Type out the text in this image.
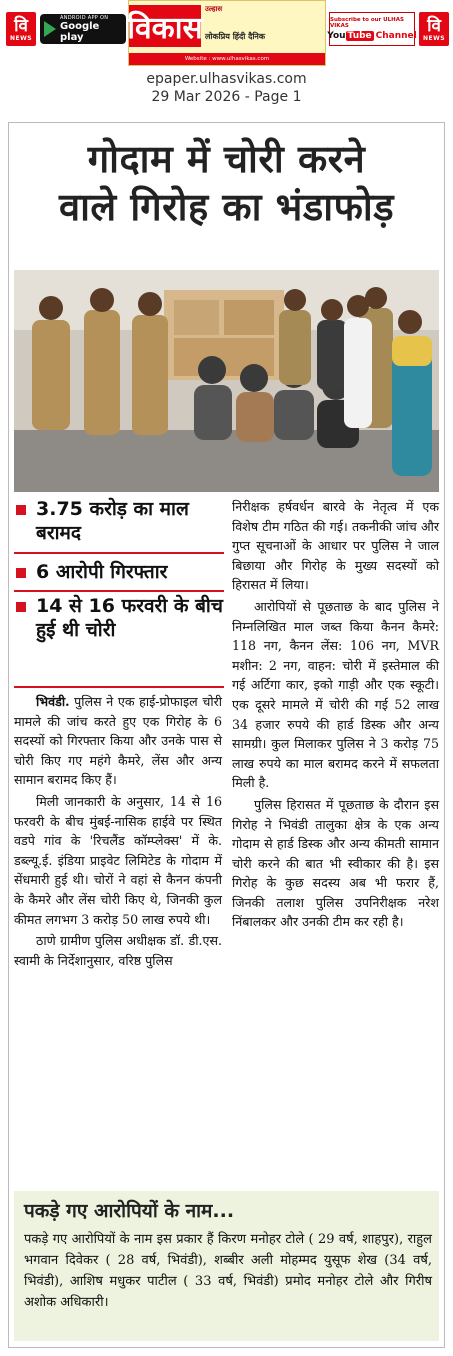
वि
NEWS
ANDROID APP ON
Google play	विकास
उल्हास
लोकप्रिय हिंदी दैनिक
Website : www.ulhasvikas.com
Subscribe to our ULHAS VIKAS
You Tube Channel
वि
NEWS
epaper.ulhasvikas.com
29 Mar 2026 - Page 1
गोदाम में चोरी करने
वाले गिरोह का भंडाफोड़
3.75 करोड़ का माल बरामद
6 आरोपी गिरफ्तार
14 से 16 फरवरी के बीच हुई थी चोरी

भिवंडी. पुलिस ने एक हाई-प्रोफाइल चोरी मामले की जांच करते हुए एक गिरोह के 6 सदस्यों को गिरफ्तार किया और उनके पास से चोरी किए गए महंगे कैमरे, लेंस और अन्य सामान बरामद किए हैं।

मिली जानकारी के अनुसार, 14 से 16 फरवरी के बीच मुंबई-नासिक हाईवे पर स्थित वडपे गांव के 'रिचलैंड कॉम्प्लेक्स' में के. डब्ल्यू.ई. इंडिया प्राइवेट लिमिटेड के गोदाम में सेंधमारी हुई थी। चोरों ने वहां से कैनन कंपनी के कैमरे और लेंस चोरी किए थे, जिनकी कुल कीमत लगभग 3 करोड़ 50 लाख रुपये थी।

ठाणे ग्रामीण पुलिस अधीक्षक डॉ. डी.एस. स्वामी के निर्देशानुसार, वरिष्ठ पुलिस

निरीक्षक हर्षवर्धन बारवे के नेतृत्व में एक विशेष टीम गठित की गई। तकनीकी जांच और गुप्त सूचनाओं के आधार पर पुलिस ने जाल बिछाया और गिरोह के मुख्य सदस्यों को हिरासत में लिया।

आरोपियों से पूछताछ के बाद पुलिस ने निम्नलिखित माल जब्त किया कैनन कैमरे: 118 नग, कैनन लेंस: 106 नग, MVR मशीन: 2 नग, वाहन: चोरी में इस्तेमाल की गई अर्टिगा कार, इको गाड़ी और एक स्कूटी। एक दूसरे मामले में चोरी की गई 52 लाख 34 हजार रुपये की हार्ड डिस्क और अन्य सामग्री। कुल मिलाकर पुलिस ने 3 करोड़ 75 लाख रुपये का माल बरामद करने में सफलता मिली है.

पुलिस हिरासत में पूछताछ के दौरान इस गिरोह ने भिवंडी तालुका क्षेत्र के एक अन्य गोदाम से हार्ड डिस्क और अन्य कीमती सामान चोरी करने की बात भी स्वीकार की है। इस गिरोह के कुछ सदस्य अब भी फरार हैं, जिनकी तलाश पुलिस उपनिरीक्षक नरेश निंबालकर और उनकी टीम कर रही है।

पकड़े गए आरोपियों के नाम...
पकड़े गए आरोपियों के नाम इस प्रकार हैं किरण मनोहर टोले ( 29 वर्ष, शाहपुर), राहुल भगवान दिवेकर ( 28 वर्ष, भिवंडी), शब्बीर अली मोहम्मद युसूफ शेख (34 वर्ष, भिवंडी), आशिष मधुकर पाटील ( 33 वर्ष, भिवंडी) प्रमोद मनोहर टोले और गिरीष अशोक अधिकारी।
